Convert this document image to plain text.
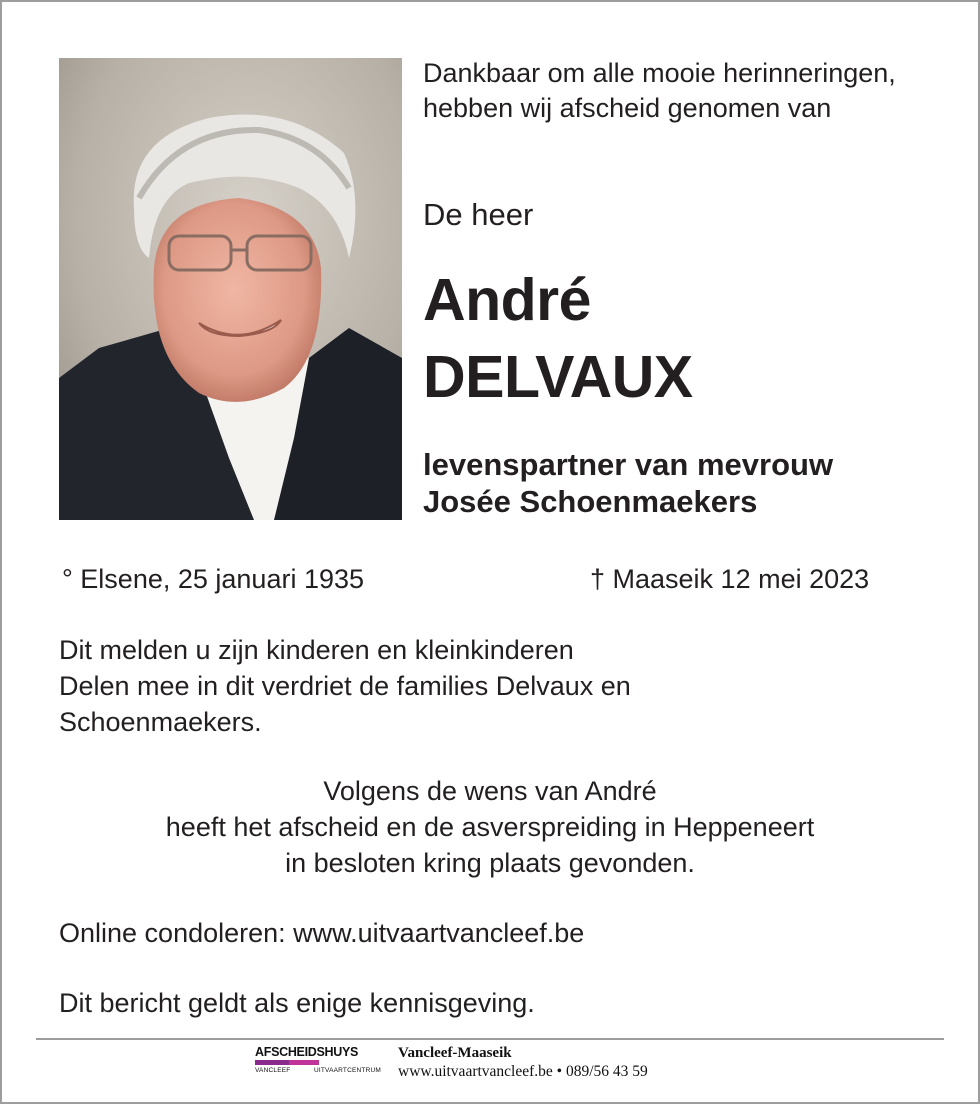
Dankbaar om alle mooie herinneringen, hebben wij afscheid genomen van
De heer
André
DELVAUX
levenspartner van mevrouw
Josée Schoenmaekers
° Elsene, 25 januari 1935	† Maaseik 12 mei 2023
Dit melden u zijn kinderen en kleinkinderen
Delen mee in dit verdriet de families Delvaux en
Schoenmaekers.
Volgens de wens van André
heeft het afscheid en de asverspreiding in Heppeneert
in besloten kring plaats gevonden.
Online condoleren: www.uitvaartvancleef.be
Dit bericht geldt als enige kennisgeving.
AFSCHEIDSHUYS
VANCLEEF	UITVAARTCENTRUM
Vancleef-Maaseik
www.uitvaartvancleef.be • 089/56 43 59
